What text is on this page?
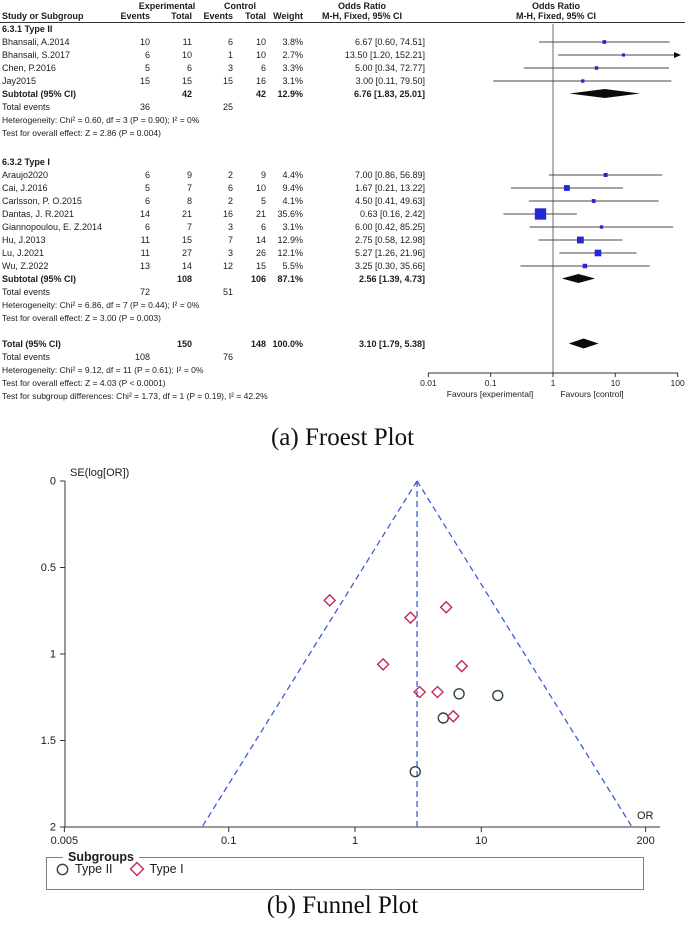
Experimental	Control	Odds Ratio	Odds Ratio
Study or Subgroup	Events Total Events Total Weight M-H, Fixed, 95% CI	M-H, Fixed, 95% CI
0.01	0.1	1	10	100
Favours [experimental]	Favours [control]
6.3.1 Type II
Bhansali, A.2014	10	11	6	10 3.8%	6.67 [0.60, 74.51]
Bhansali, S.2017	6	10	1	10 2.7%	13.50 [1.20, 152.21]
Chen, P.2016	5	6	3	6 3.3%	5.00 [0.34, 72.77]
Jay2015	15	15	15	16 3.1%	3.00 [0.11, 79.50]
Subtotal (95% CI)	42	42 12.9%	6.76 [1.83, 25.01]
Total events	36	25
Heterogeneity: Chi² = 0.60, df = 3 (P = 0.90); I² = 0%
Test for overall effect: Z = 2.86 (P = 0.004)
6.3.2 Type I
Araujo2020	6	9	2	9 4.4%	7.00 [0.86, 56.89]
Cai, J.2016	5	7	6	10 9.4%	1.67 [0.21, 13.22]
Carlsson, P. O.2015	6	8	2	5 4.1%	4.50 [0.41, 49.63]
Dantas, J. R.2021	14	21	16	21 35.6%	0.63 [0.16, 2.42]
Giannopoulou, E. Z.2014	6	7	3	6 3.1%	6.00 [0.42, 85.25]
Hu, J.2013	11	15	7	14 12.9%	2.75 [0.58, 12.98]
Lu, J.2021	11	27	3	26 12.1%	5.27 [1.26, 21.96]
Wu, Z.2022	13	14	12	15 5.5%	3.25 [0.30, 35.66]
Subtotal (95% CI)	108	106 87.1%	2.56 [1.39, 4.73]
Total events	72	51
Heterogeneity: Chi² = 6.86, df = 7 (P = 0.44); I² = 0%
Test for overall effect: Z = 3.00 (P = 0.003)
Total (95% CI)	150	148 100.0%	3.10 [1.79, 5.38]
Total events	108	76
Heterogeneity: Chi² = 9.12, df = 11 (P = 0.61); I² = 0%
Test for overall effect: Z = 4.03 (P < 0.0001)
Test for subgroup differences: Chi² = 1.73, df = 1 (P = 0.19), I² = 42.2%
(a) Froest Plot
0
0.5
1
1.5
2
0.005	0.1	1	10	200
SE(log[OR])
OR
Subgroups
Type II	Type I
(b) Funnel Plot
